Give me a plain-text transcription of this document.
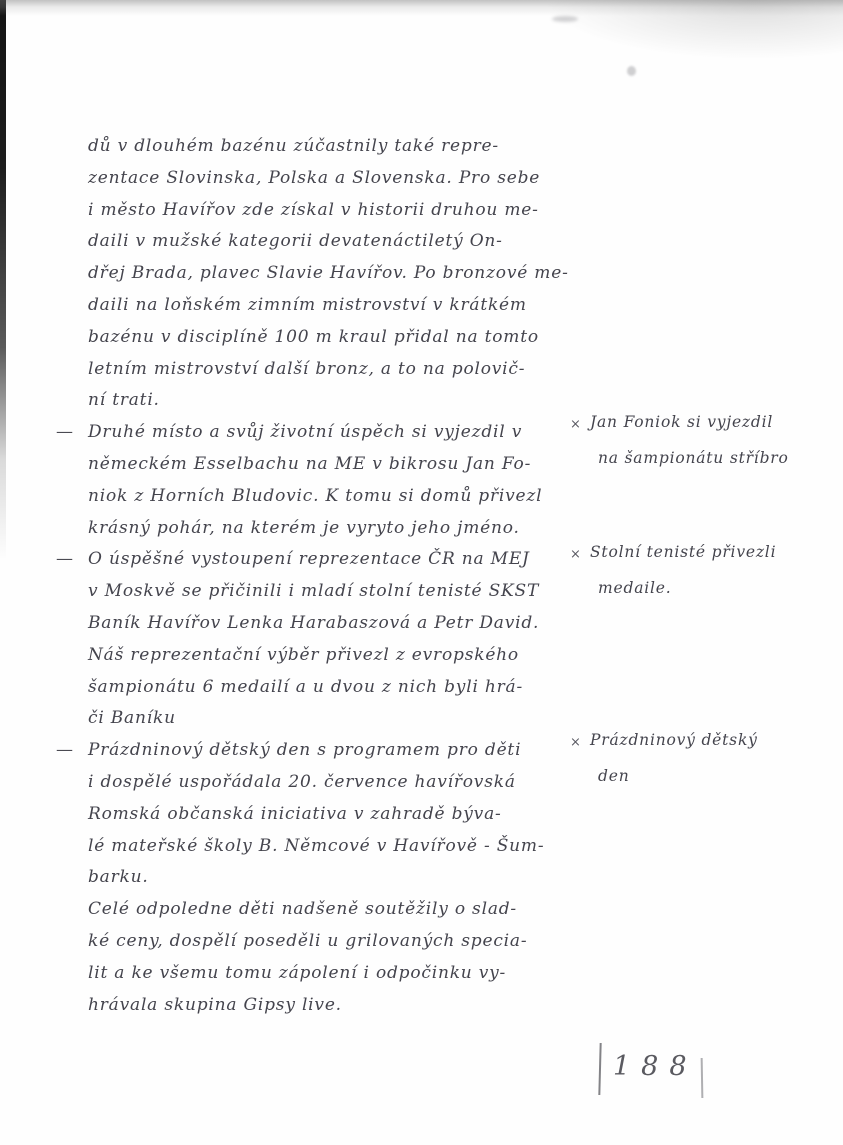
dů v dlouhém bazénu zúčastnily také repre-
zentace Slovinska, Polska a Slovenska. Pro sebe
i město Havířov zde získal v historii druhou me-
daili v mužské kategorii devatenáctiletý On-
dřej Brada, plavec Slavie Havířov. Po bronzové me-
daili na loňském zimním mistrovství v krátkém
bazénu v disciplíně 100 m kraul přidal na tomto
letním mistrovství další bronz, a to na polovič-
ní trati.
— Druhé místo a svůj životní úspěch si vyjezdil v
německém Esselbachu na ME v bikrosu Jan Fo-
niok z Horních Bludovic. K tomu si domů přivezl
krásný pohár, na kterém je vyryto jeho jméno.
— O úspěšné vystoupení reprezentace ČR na MEJ
v Moskvě se přičinili i mladí stolní tenisté SKST
Baník Havířov Lenka Harabaszová a Petr David.
Náš reprezentační výběr přivezl z evropského
šampionátu 6 medailí a u dvou z nich byli hrá-
či Baníku
— Prázdninový dětský den s programem pro děti
i dospělé uspořádala 20. července havířovská
Romská občanská iniciativa v zahradě býva-
lé mateřské školy B. Němcové v Havířově - Šum-
barku.
Celé odpoledne děti nadšeně soutěžily o slad-
ké ceny, dospělí poseděli u grilovaných specia-
lit a ke všemu tomu zápolení i odpočinku vy-
hrávala skupina Gipsy live.
× Jan Foniok si vyjezdil
na šampionátu stříbro
× Stolní tenisté přivezli
medaile.
× Prázdninový dětský
den
188
